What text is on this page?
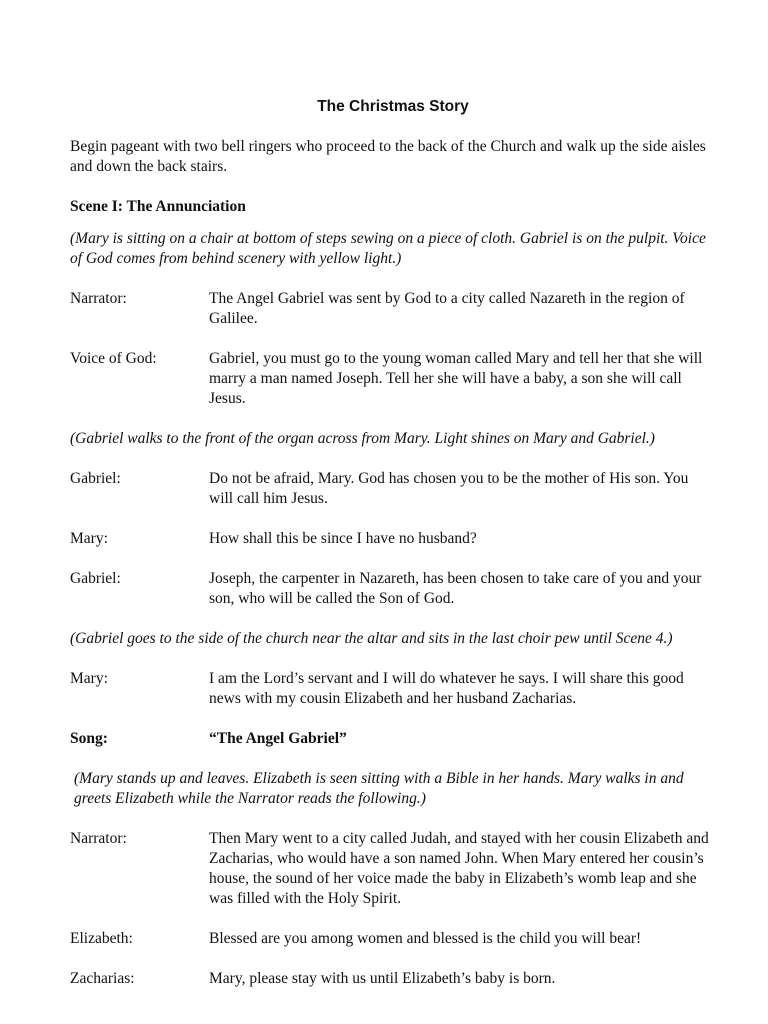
The Christmas Story

Begin pageant with two bell ringers who proceed to the back of the Church and walk up the side aisles and down the back stairs.

Scene I: The Annunciation

(Mary is sitting on a chair at bottom of steps sewing on a piece of cloth. Gabriel is on the pulpit. Voice of God comes from behind scenery with yellow light.)

Narrator:	The Angel Gabriel was sent by God to a city called Nazareth in the region of Galilee.
Voice of God:	Gabriel, you must go to the young woman called Mary and tell her that she will marry a man named Joseph. Tell her she will have a baby, a son she will call Jesus.

(Gabriel walks to the front of the organ across from Mary. Light shines on Mary and Gabriel.)

Gabriel:	Do not be afraid, Mary. God has chosen you to be the mother of His son. You will call him Jesus.
Mary:	How shall this be since I have no husband?
Gabriel:	Joseph, the carpenter in Nazareth, has been chosen to take care of you and your son, who will be called the Son of God.

(Gabriel goes to the side of the church near the altar and sits in the last choir pew until Scene 4.)

Mary:	I am the Lord’s servant and I will do whatever he says. I will share this good news with my cousin Elizabeth and her husband Zacharias.
Song:	“The Angel Gabriel”

(Mary stands up and leaves. Elizabeth is seen sitting with a Bible in her hands. Mary walks in and greets Elizabeth while the Narrator reads the following.)

Narrator:	Then Mary went to a city called Judah, and stayed with her cousin Elizabeth and Zacharias, who would have a son named John. When Mary entered her cousin’s house, the sound of her voice made the baby in Elizabeth’s womb leap and she was filled with the Holy Spirit.
Elizabeth:	Blessed are you among women and blessed is the child you will bear!
Zacharias:	Mary, please stay with us until Elizabeth’s baby is born.
